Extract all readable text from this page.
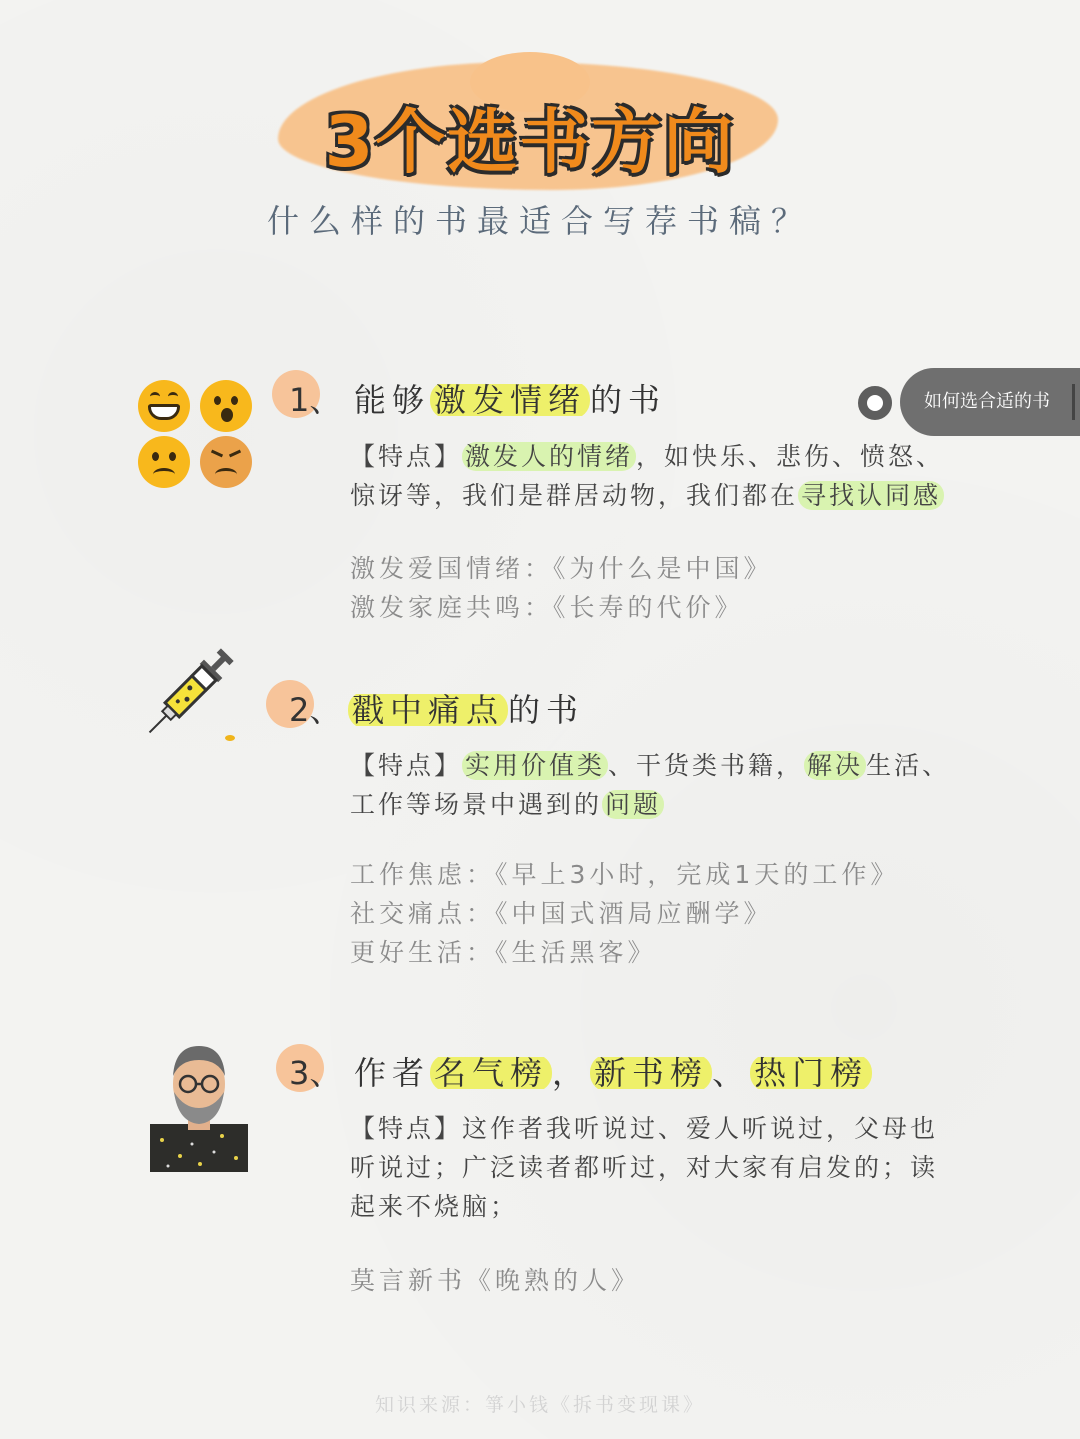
3个选书方向
什么样的书最适合写荐书稿？
如何选合适的书
1、 能够 激发情绪 的书
【特点】 激发人的情绪 ，如快乐、悲伤、愤怒、
惊讶等，我们是群居动物，我们都在 寻找认同感
激发爱国情绪：《为什么是中国》
激发家庭共鸣：《长寿的代价》
2、 戳中痛点 的书
【特点】 实用价值类 、干货类书籍， 解决 生活、
工作等场景中遇到的 问题
工作焦虑：《早上3小时，完成1天的工作》
社交痛点：《中国式酒局应酬学》
更好生活：《生活黑客》
3、 作者 名气榜 ， 新书榜 、 热门榜
【特点】这作者我听说过、爱人听说过，父母也
听说过；广泛读者都听过，对大家有启发的；读
起来不烧脑；
莫言新书《晚熟的人》
知识来源：箏小钱《拆书变现课》
